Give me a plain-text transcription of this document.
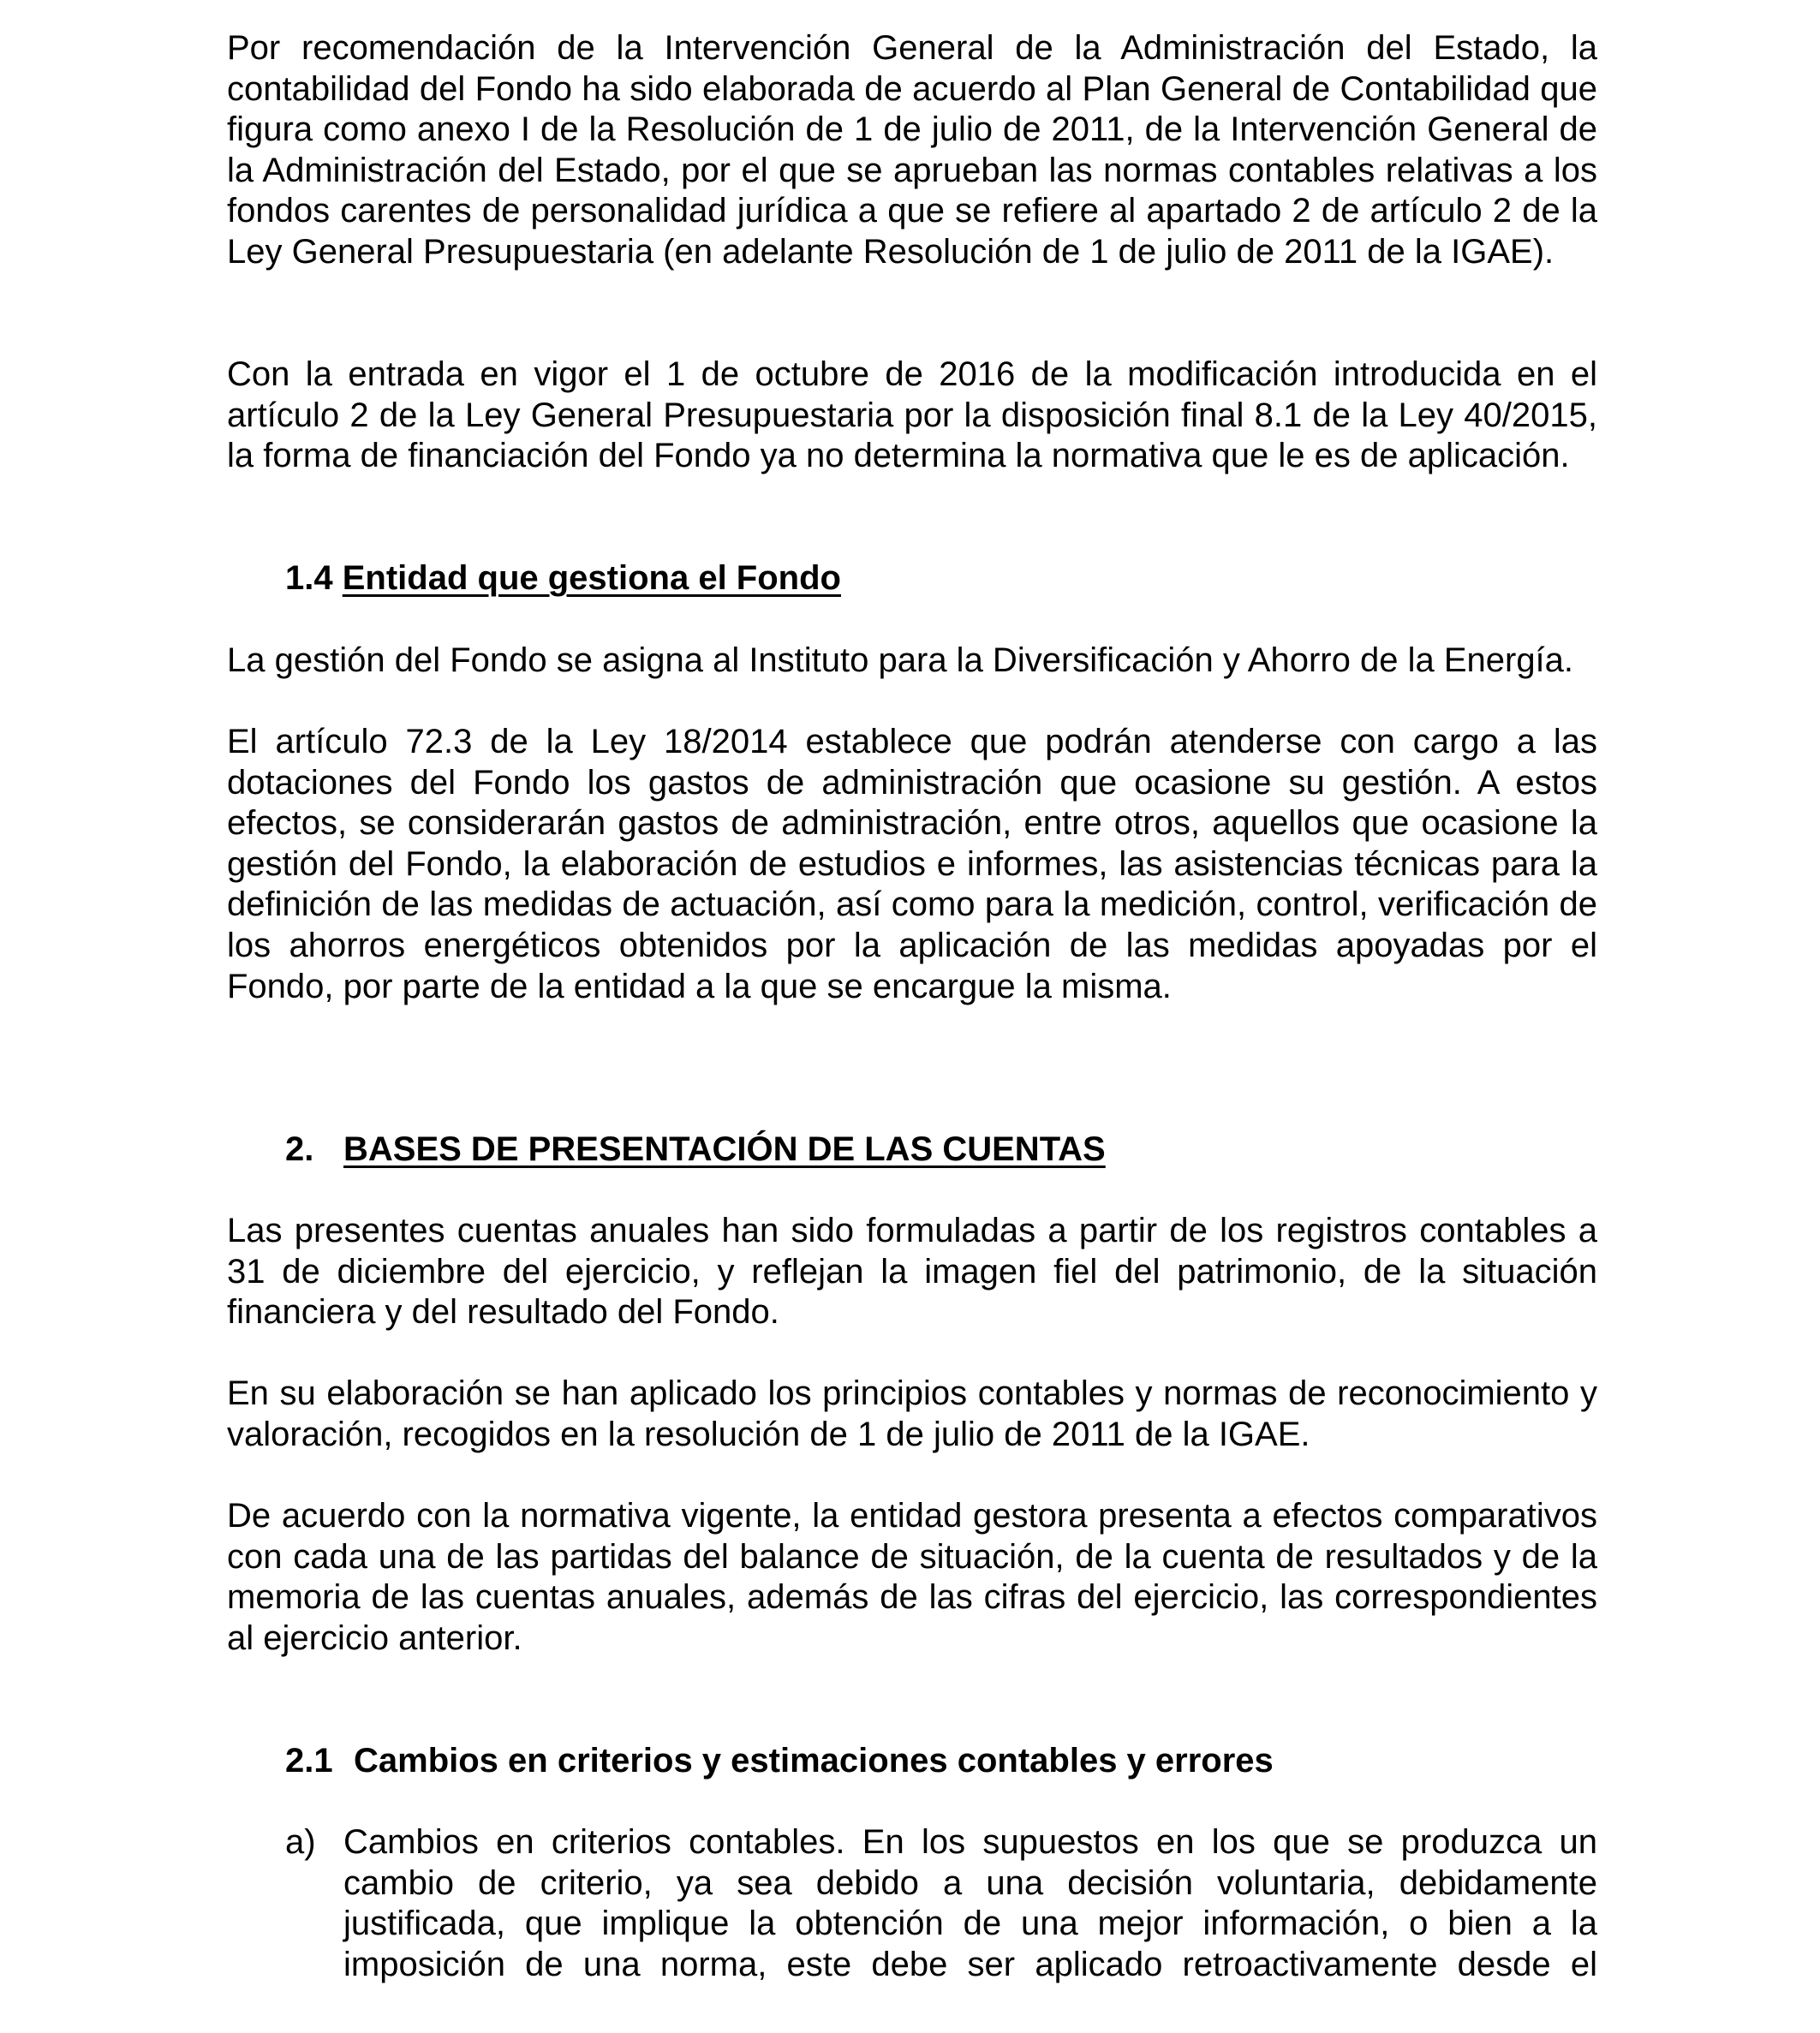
Por recomendación de la Intervención General de la Administración del Estado, la contabilidad del Fondo ha sido elaborada de acuerdo al Plan General de Contabilidad que figura como anexo I de la Resolución de 1 de julio de 2011, de la Intervención General de la Administración del Estado, por el que se aprueban las normas contables relativas a los fondos carentes de personalidad jurídica a que se refiere al apartado 2 de artículo 2 de la Ley General Presupuestaria (en adelante Resolución de 1 de julio de 2011 de la IGAE).

Con la entrada en vigor el 1 de octubre de 2016 de la modificación introducida en el artículo 2 de la Ley General Presupuestaria por la disposición final 8.1 de la Ley 40/2015, la forma de financiación del Fondo ya no determina la normativa que le es de aplicación.

1.4 Entidad que gestiona el Fondo

La gestión del Fondo se asigna al Instituto para la Diversificación y Ahorro de la Energía.

El artículo 72.3 de la Ley 18/2014 establece que podrán atenderse con cargo a las dotaciones del Fondo los gastos de administración que ocasione su gestión. A estos efectos, se considerarán gastos de administración, entre otros, aquellos que ocasione la gestión del Fondo, la elaboración de estudios e informes, las asistencias técnicas para la definición de las medidas de actuación, así como para la medición, control, verificación de los ahorros energéticos obtenidos por la aplicación de las medidas apoyadas por el Fondo, por parte de la entidad a la que se encargue la misma.

2. BASES DE PRESENTACIÓN DE LAS CUENTAS

Las presentes cuentas anuales han sido formuladas a partir de los registros contables a 31 de diciembre del ejercicio, y reflejan la imagen fiel del patrimonio, de la situación financiera y del resultado del Fondo.

En su elaboración se han aplicado los principios contables y normas de reconocimiento y valoración, recogidos en la resolución de 1 de julio de 2011 de la IGAE.

De acuerdo con la normativa vigente, la entidad gestora presenta a efectos comparativos con cada una de las partidas del balance de situación, de la cuenta de resultados y de la memoria de las cuentas anuales, además de las cifras del ejercicio, las correspondientes al ejercicio anterior.

2.1 Cambios en criterios y estimaciones contables y errores

a) Cambios en criterios contables. En los supuestos en los que se produzca un cambio de criterio, ya sea debido a una decisión voluntaria, debidamente justificada, que implique la obtención de una mejor información, o bien a la imposición de una norma, este debe ser aplicado retroactivamente desde el
